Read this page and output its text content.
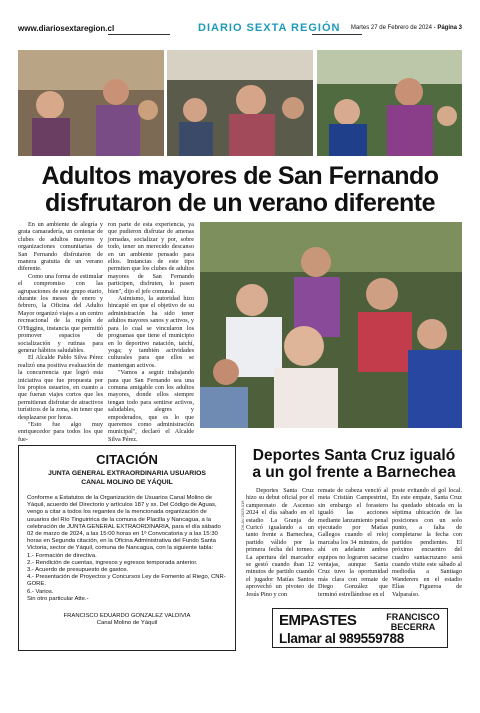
www.diariosextaregion.cl	DIARIO SEXTA REGIÓN Martes 27 de Febrero de 2024 - Página 3
Adultos mayores de San Fernando
disfrutaron de un verano diferente

En un ambiente de alegría y grata camaradería, un centenar de clubes de adultos mayores y organizaciones comunitarias de San Fernando disfrutaron de manera gratuita de un verano diferente.

Como una forma de estimular el compromiso con las agrupaciones de este grupo etario, durante los meses de enero y febrero, la Oficina del Adulto Mayor organizó viajes a un centro recreacional de la región de O'Higgins, instancia que permitió promover espacios de socialización y rutinas para generar hábitos saludables.

El Alcalde Pablo Silva Pérez realizó una positiva evaluación de la concurrencia que logró esta iniciativa que fue propuesta por los propios usuarios, en cuanto a que fueran viajes cortos que les permitieran disfrutar de atractivos turísticos de la zona, sin tener que desplazarse por horas.

"Esto fue algo muy enriquecedor para todos los que fue-

ron parte de esta experiencia, ya que pudieron disfrutar de amenas jornadas, socializar y por, sobre todo, tener un merecido descanso en un ambiente pensado para ellos. Instancias de este tipo permiten que los clubes de adultos mayores de San Fernando participen, disfruten, lo pasen bien", dijo el jefe comunal.

Asimismo, la autoridad hizo hincapié en que el objetivo de su administración ha sido tener adultos mayores sanos y activos, y para lo cual se vincularon los programas que tiene el municipio en lo deportivo natación, taichí, yoga; y también actividades culturales para que ellos se mantengan activos.

"Vamos a seguir trabajando para que San Fernando sea una comuna amigable con los adultos mayores, donde ellos siempre tengan todo para sentirse activos, saludables, alegres y empoderados, que es lo que queremos como administración municipal", declaró el Alcalde Silva Pérez.

CITACIÓN
JUNTA GENERAL EXTRAORDINARIA USUARIOS
CANAL MOLINO DE YÁQUIL
Conforme a Estatutos de la Organización de Usuarios Canal Molino de Yáquil, acuerdo del Directorio y artículos 187 y ss. Del Código de Aguas, vengo a citar a todos los regantes de la mencionada organización de usuarios del Río Tinguiririca de la comuna de Placilla y Nancagua, a la celebración de JUNTA GENERAL EXTRAORDINARIA, para el día sábado 02 de marzo de 2024, a las 15:00 horas en 1º Convocatoria y a las 15:30 horas en Segunda citación, en la Oficina Administrativa del Fundo Santa Victoria, sector de Yáquil, comuna de Nancagua, con la siguiente tabla:
1.- Formación de directiva.
2.- Rendición de cuentas, ingresos y egresos temporada anterior.
3.- Acuerdo de presupuesto de gastos.
4.- Presentación de Proyectos y Concursos Ley de Fomento al Riego, CNR-GORE.
6.- Varios.
Sin otro particular Atte.-
FRANCISCO EDUARDO GONZALEZ VALDIVIA
Canal Molino de Yáquil
D6-AV-2023-016
Deportes Santa Cruz igualó
a un gol frente a Barnechea

Deportes Santa Cruz hizo su debut oficial por el campeonato de Ascenso 2024 el día sábado en el estadio La Granja de Curicó igualando a un tanto frente a Barnechea, partido válido por la primera fecha del torneo. La apertura del marcador se gestó cuando iban 12 minutos de partido cuando el jugador Matías Santos aprovechó un pivoteo de Jesús Pino y con

remate de cabeza venció al meta Cristián Campestrini, sin embargo el forastero igualó las acciones mediante lanzamiento penal ejecutado por Matías Gallegos cuando el reloj marcaba los 34 minutos, de ahí en adelante ambos equipos no lograron sacarse ventajas, aunque Santa Cruz tuvo la oportunidad más clara con remate de Diego González que terminó estrellándose en el

poste evitando el gol local. En este empate, Santa Cruz ha quedado ubicada en la séptima ubicación de las posiciones con un solo punto, a falta de completarse la fecha con partidos pendientes. El próximo encuentro del cuadro santacruzano será cuando visite este sábado al mediodía a Santiago Wanderers en el estadio Elías Figueroa de Valparaíso.

EMPASTES	FRANCISCO
BECERRA
Llamar al 989559788
